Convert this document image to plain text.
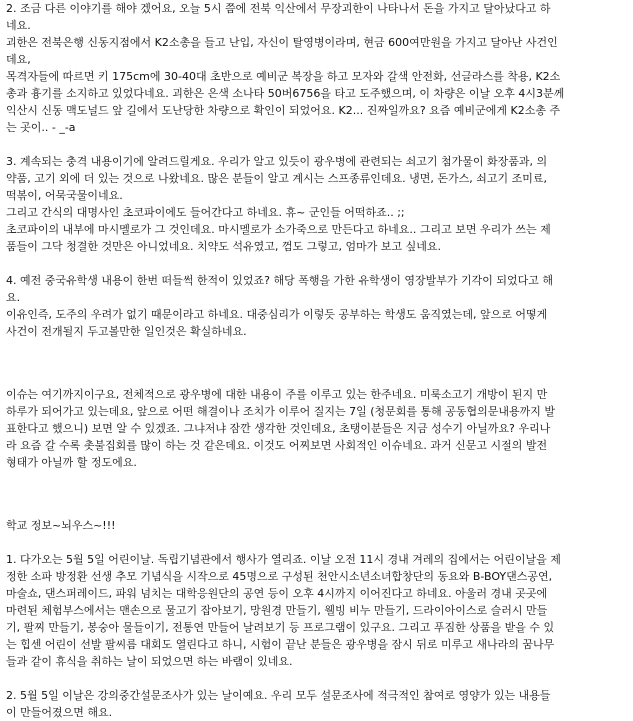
2. 조금 다른 이야기를 해야 겠어요, 오늘 5시 쯤에 전북 익산에서 무장괴한이 나타나서 돈을 가지고 달아났다고 하
네요.
괴한은 전북은행 신동지점에서 K2소총을 들고 난입, 자신이 탈영병이라며, 현금 600여만원을 가지고 달아난 사건인
데요,
목격자들에 따르면 키 175cm에 30-40대 초반으로 예비군 복장을 하고 모자와 갈색 안전화, 선글라스를 착용, K2소
총과 흉기를 소지하고 있었다네요. 괴한은 은색 소나타 50버6756을 타고 도주했으며, 이 차량은 이날 오후 4시3분께
익산시 신동 맥도널드 앞 길에서 도난당한 차량으로 확인이 되었어요. K2... 진짜일까요? 요즘 예비군에게 K2소총 주
는 곳이.. - _-a
3. 계속되는 충격 내용이기에 알려드릴게요. 우리가 알고 있듯이 광우병에 관련되는 쇠고기 첨가물이 화장품과, 의
약품, 고기 외에 더 있는 것으로 나왔네요. 많은 분들이 알고 계시는 스프종류인데요. 냉면, 돈가스, 쇠고기 조미료,
떡볶이, 어묵국물이네요.
그리고 간식의 대명사인 초코파이에도 들어간다고 하네요. 휴~ 군인들 어떡하죠.. ;;
초코파이의 내부에 마시멜로가 그 것인데요. 마시멜로가 소가죽으로 만든다고 하네요.. 그리고 보면 우리가 쓰는 제
품들이 그닥 청결한 것만은 아니었네요. 치약도 석유였고, 껌도 그렇고, 엄마가 보고 싶네요.
4. 예전 중국유학생 내용이 한번 떠들썩 한적이 있었죠? 해당 폭행을 가한 유학생이 영장발부가 기각이 되었다고 해
요.
이유인즉, 도주의 우려가 없기 때문이라고 하네요. 대중심리가 이렇듯 공부하는 학생도 움직였는데, 앞으로 어떻게
사건이 전개될지 두고볼만한 일인것은 확실하네요.
이슈는 여기까지이구요, 전체적으로 광우병에 대한 내용이 주를 이루고 있는 한주네요. 미룩소고기 개방이 된지 만
하루가 되어가고 있는데요, 앞으로 어떤 해결이나 조치가 이루어 질지는 7일 (청문회를 통해 공동협의문내용까지 발
표한다고 했으니) 보면 알 수 있겠죠. 그냐저냐 잠깐 생각한 것인데요, 초탱이분들은 지금 성수기 아닐까요? 우리나
라 요즘 갈 수록 촛불집회를 많이 하는 것 같은데요. 이것도 어찌보면 사회적인 이슈네요. 과거 신문고 시절의 발전
형태가 아닐까 할 정도에요.
학교 정보~뇌우스~!!!
1. 다가오는 5월 5일 어린이날. 독립기념관에서 행사가 열리죠. 이날 오전 11시 경내 겨레의 집에서는 어린이날을 제
정한 소파 방정환 선생 추모 기념식을 시작으로 45명으로 구성된 천안시소년소녀합창단의 동요와 B-BOY댄스공연,
마술쇼, 댄스퍼레이드, 파워 넘치는 대학응원단의 공연 등이 오후 4시까지 이어진다고 하네요. 아울러 경내 곳곳에
마련된 체험부스에서는 맨손으로 물고기 잡아보기, 망원경 만들기, 웰빙 비누 만들기, 드라이아이스로 슬러시 만들
기, 팔찌 만들기, 봉숭아 물들이기, 전통연 만들어 날려보기 등 프로그램이 있구요. 그리고 푸짐한 상품을 받을 수 있
는 힙센 어린이 선발 팔씨름 대회도 열린다고 하니, 시험이 끝난 분들은 광우병을 잠시 뒤로 미루고 새나라의 꿈나무
들과 같이 휴식을 취하는 날이 되었으면 하는 바램이 있네요.
2. 5월 5일 이날은 강의중간설문조사가 있는 날이예요. 우리 모두 설문조사에 적극적인 참여로 영양가 있는 내용들
이 만들어졌으면 해요.
